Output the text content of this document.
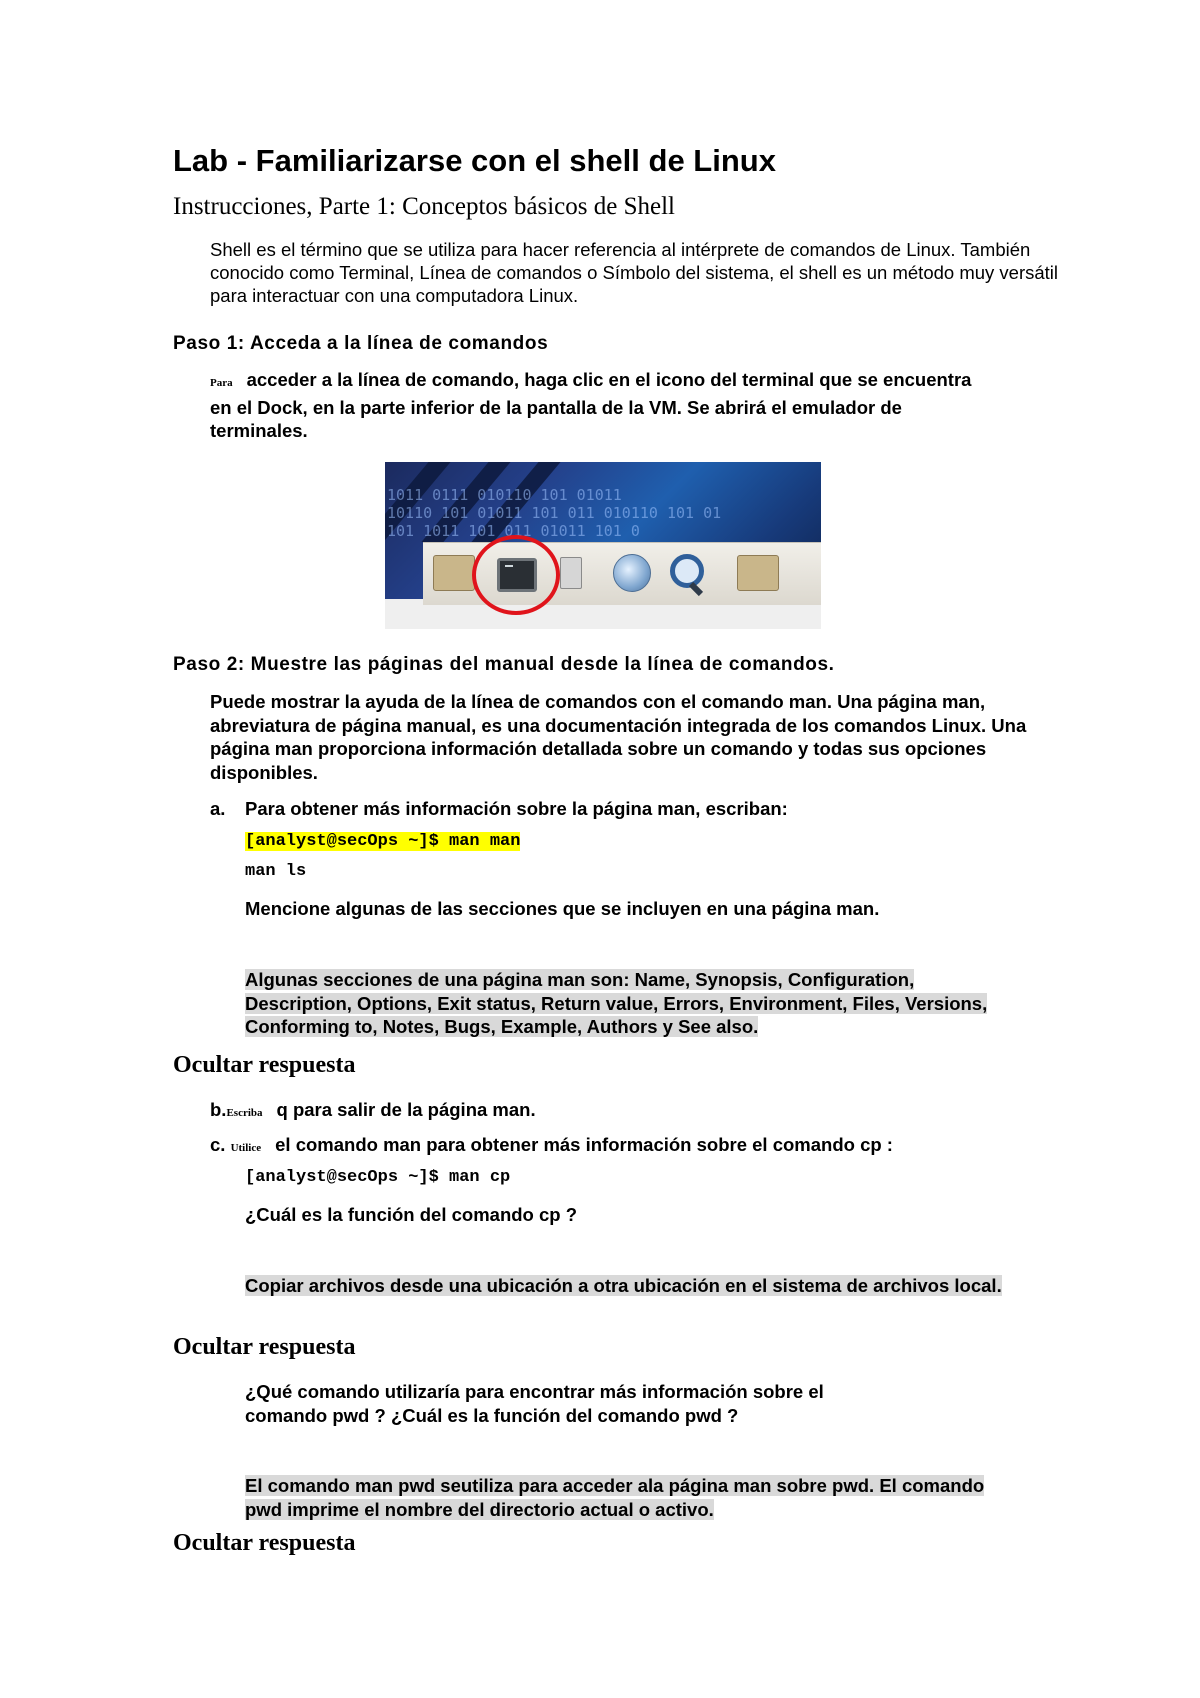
Lab - Familiarizarse con el shell de Linux
Instrucciones, Parte 1: Conceptos básicos de Shell
Shell es el término que se utiliza para hacer referencia al intérprete de comandos de Linux. También conocido como Terminal, Línea de comandos o Símbolo del sistema, el shell es un método muy versátil para interactuar con una computadora Linux.
Paso 1: Acceda a la línea de comandos
Para acceder a la línea de comando, haga clic en el icono del terminal que se encuentra en el Dock, en la parte inferior de la pantalla de la VM. Se abrirá el emulador de terminales.
1011 0111 010110 101 01011
10110 101 01011 101 011 010110 101 01
101 1011 101 011 01011 101 0
Paso 2: Muestre las páginas del manual desde la línea de comandos.
Puede mostrar la ayuda de la línea de comandos con el comando man. Una página man, abreviatura de página manual, es una documentación integrada de los comandos Linux. Una página man proporciona información detallada sobre un comando y todas sus opciones disponibles.
a. Para obtener más información sobre la página man, escriban:
[analyst@secOps ~]$ man man
man ls
Mencione algunas de las secciones que se incluyen en una página man.
Algunas secciones de una página man son: Name, Synopsis, Configuration, Description, Options, Exit status, Return value, Errors, Environment, Files, Versions, Conforming to, Notes, Bugs, Example, Authors y See also.
Ocultar respuesta
b.Escriba q para salir de la página man.
c. Utilice el comando man para obtener más información sobre el comando cp :
[analyst@secOps ~]$ man cp
¿Cuál es la función del comando cp ?
Copiar archivos desde una ubicación a otra ubicación en el sistema de archivos local.
Ocultar respuesta
¿Qué comando utilizaría para encontrar más información sobre el comando pwd ? ¿Cuál es la función del comando pwd ?
El comando man pwd seutiliza para acceder ala página man sobre pwd. El comando pwd imprime el nombre del directorio actual o activo.
Ocultar respuesta
